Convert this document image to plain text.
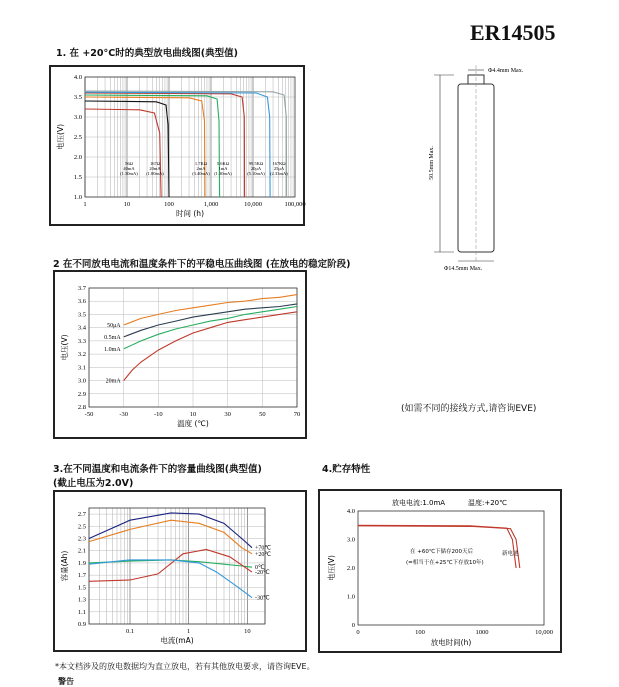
ER14505
1. 在 +20°C时的典型放电曲线图(典型值)
1	10	100	1,000	10,000	100,000
1.0
1.5
2.0
2.5
3.0
3.5
4.0
时间 (h)
电压(V)
56Ω
40mA
(1.30mA)
167Ω
20mA
(1.00mA)
1.7KΩ
2mA
(3.40mA)
5.6KΩ
1mA
(1.30mA)
99.5KΩ
20μA
(5.10mA)
167KΩ
25μA
(2.33mA)
Φ4.4mm Max.
50.5mm Max.
Φ14.5mm Max.
2 在不同放电电流和温度条件下的平稳电压曲线图 (在放电的稳定阶段)
-50	-30	-10	10	30	50	70
2.8
2.9
3.0
3.1
3.2
3.3
3.4
3.5
3.6
3.7
温度 (℃)
电压(V)
50μA
0.5mA
1.0mA
20mA
(如需不同的接线方式,请咨询EVE)
3.在不同温度和电流条件下的容量曲线图(典型值)
(截止电压为2.0V)
0.1	1	10
0.9
1.1
1.3
1.5
1.7
1.9
2.1
2.3
2.5
2.7
电流(mA)
容量(Ah)
+70℃
+20℃
0℃
-20℃
-30℃
4.贮存特性
0	100	1000	10,000
0
1.0
2.0
3.0
4.0
放电时间(h)
电压(V)
放电电流:1.0mA	温度:+20℃
在 +60℃下储存200天后
(=相当于在+25℃下存放10年)
新电池
*本文档涉及的放电数据均为直立放电，若有其他放电要求，请咨询EVE。
警告
